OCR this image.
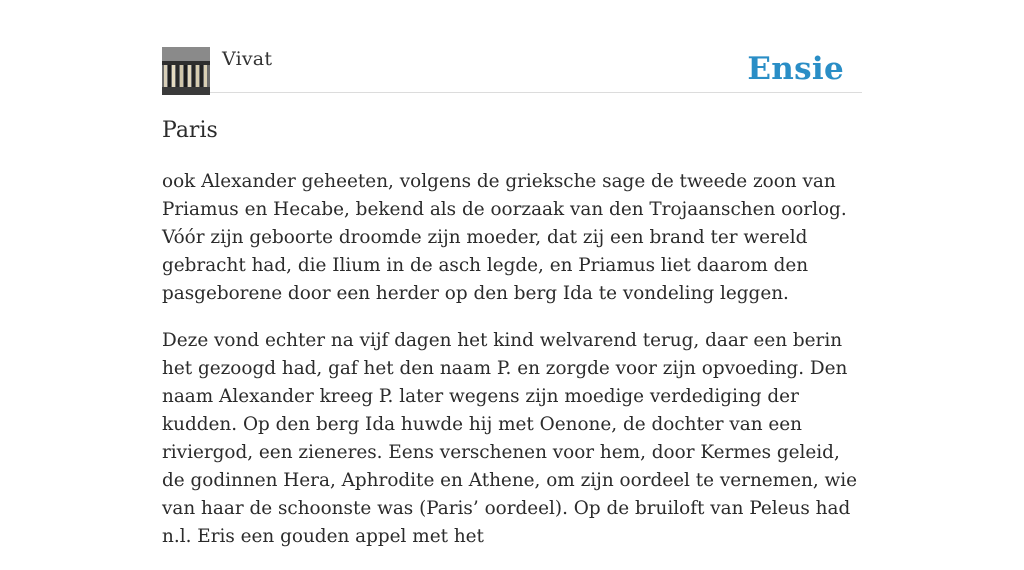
Vivat	Ensie
Paris

ook Alexander geheeten, volgens de grieksche sage de tweede zoon van Priamus en Hecabe, bekend als de oorzaak van den Trojaanschen oorlog. Vóór zijn geboorte droomde zijn moeder, dat zij een brand ter wereld gebracht had, die Ilium in de asch legde, en Priamus liet daarom den pasgeborene door een herder op den berg Ida te vondeling leggen.

Deze vond echter na vijf dagen het kind welvarend terug, daar een berin het gezoogd had, gaf het den naam P. en zorgde voor zijn opvoeding. Den naam Alexander kreeg P. later wegens zijn moedige verdediging der kudden. Op den berg Ida huwde hij met Oenone, de dochter van een riviergod, een zieneres. Eens verschenen voor hem, door Kermes geleid, de godinnen Hera, Aphrodite en Athene, om zijn oordeel te vernemen, wie van haar de schoonste was (Paris’ oordeel). Op de bruiloft van Peleus had n.l. Eris een gouden appel met het
